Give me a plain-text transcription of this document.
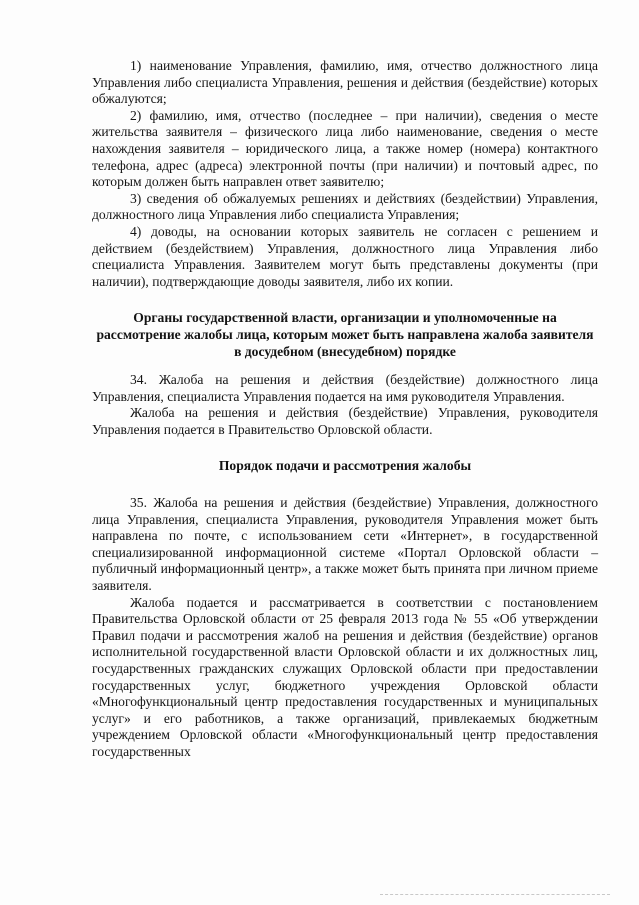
1) наименование Управления, фамилию, имя, отчество должностного лица Управления либо специалиста Управления, решения и действия (бездействие) которых обжалуются;

2) фамилию, имя, отчество (последнее – при наличии), сведения о месте жительства заявителя – физического лица либо наименование, сведения о месте нахождения заявителя – юридического лица, а также номер (номера) контактного телефона, адрес (адреса) электронной почты (при наличии) и почтовый адрес, по которым должен быть направлен ответ заявителю;

3) сведения об обжалуемых решениях и действиях (бездействии) Управления, должностного лица Управления либо специалиста Управления;

4) доводы, на основании которых заявитель не согласен с решением и действием (бездействием) Управления, должностного лица Управления либо специалиста Управления. Заявителем могут быть представлены документы (при наличии), подтверждающие доводы заявителя, либо их копии.

Органы государственной власти, организации и уполномоченные на рассмотрение жалобы лица, которым может быть направлена жалоба заявителя в досудебном (внесудебном) порядке

34. Жалоба на решения и действия (бездействие) должностного лица Управления, специалиста Управления подается на имя руководителя Управления.

Жалоба на решения и действия (бездействие) Управления, руководителя Управления подается в Правительство Орловской области.

Порядок подачи и рассмотрения жалобы

35. Жалоба на решения и действия (бездействие) Управления, должностного лица Управления, специалиста Управления, руководителя Управления может быть направлена по почте, с использованием сети «Интернет», в государственной специализированной информационной системе «Портал Орловской области – публичный информационный центр», а также может быть принята при личном приеме заявителя.

Жалоба подается и рассматривается в соответствии с постановлением Правительства Орловской области от 25 февраля 2013 года № 55 «Об утверждении Правил подачи и рассмотрения жалоб на решения и действия (бездействие) органов исполнительной государственной власти Орловской области и их должностных лиц, государственных гражданских служащих Орловской области при предоставлении государственных услуг, бюджетного учреждения Орловской области «Многофункциональный центр предоставления государственных и муниципальных услуг» и его работников, а также организаций, привлекаемых бюджетным учреждением Орловской области «Многофункциональный центр предоставления государственных
